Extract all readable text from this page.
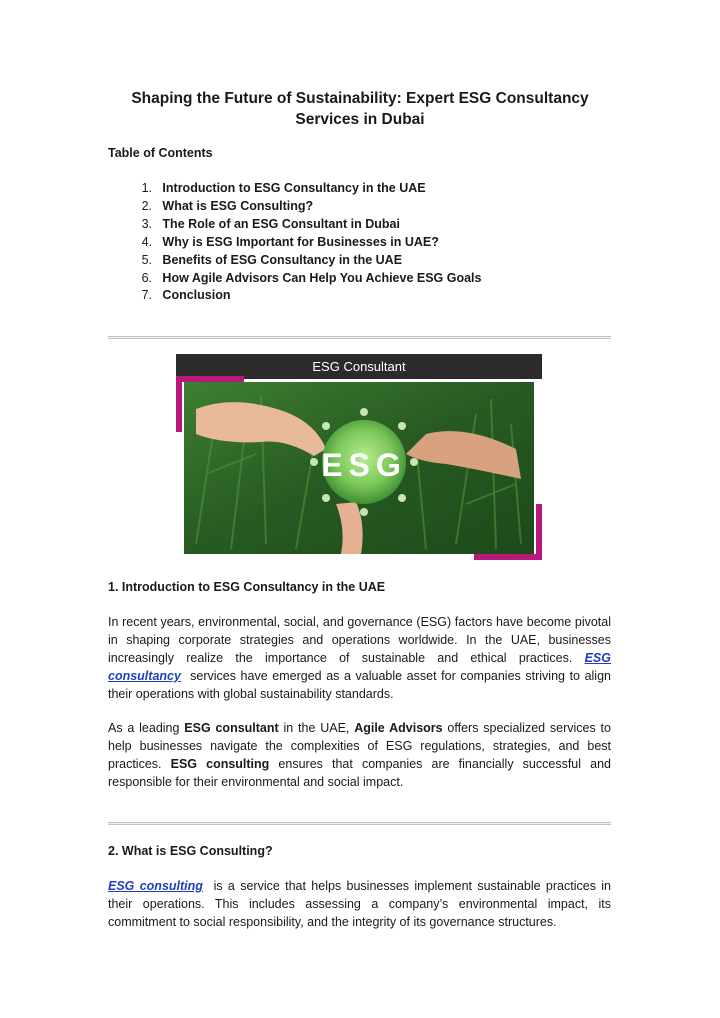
Shaping the Future of Sustainability: Expert ESG Consultancy Services in Dubai
Table of Contents
1. Introduction to ESG Consultancy in the UAE
2. What is ESG Consulting?
3. The Role of an ESG Consultant in Dubai
4. Why is ESG Important for Businesses in UAE?
5. Benefits of ESG Consultancy in the UAE
6. How Agile Advisors Can Help You Achieve ESG Goals
7. Conclusion
ESG Consultant
ESG
1. Introduction to ESG Consultancy in the UAE

In recent years, environmental, social, and governance (ESG) factors have become pivotal in shaping corporate strategies and operations worldwide. In the UAE, businesses increasingly realize the importance of sustainable and ethical practices. ESG consultancy services have emerged as a valuable asset for companies striving to align their operations with global sustainability standards.

As a leading ESG consultant in the UAE, Agile Advisors offers specialized services to help businesses navigate the complexities of ESG regulations, strategies, and best practices. ESG consulting ensures that companies are financially successful and responsible for their environmental and social impact.

2. What is ESG Consulting?

ESG consulting is a service that helps businesses implement sustainable practices in their operations. This includes assessing a company’s environmental impact, its commitment to social responsibility, and the integrity of its governance structures.
